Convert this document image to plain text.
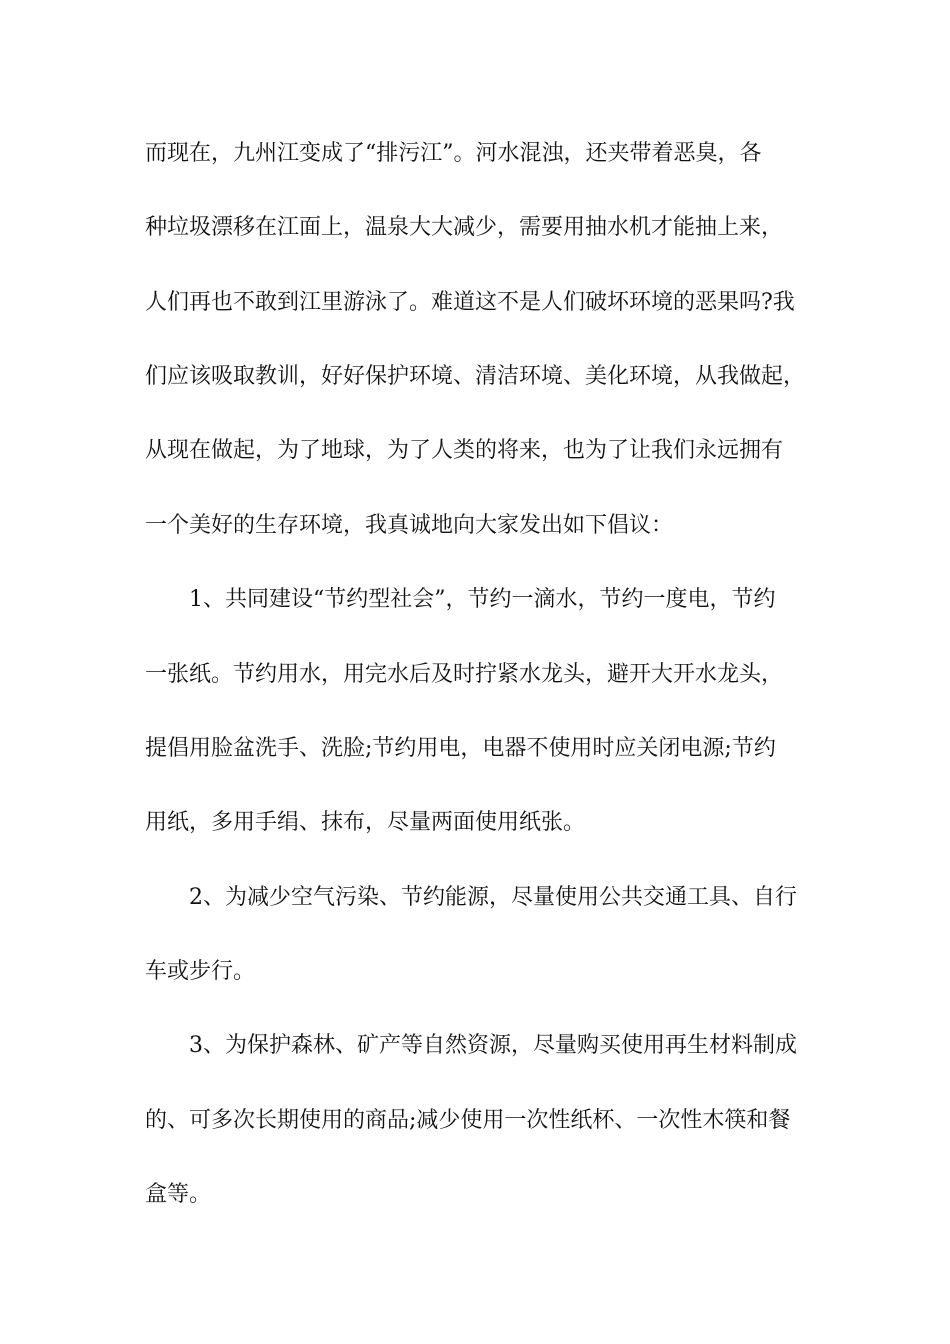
而现在，九州江变成了“排污江”。河水混浊，还夹带着恶臭，各
种垃圾漂移在江面上，温泉大大减少，需要用抽水机才能抽上来，
人们再也不敢到江里游泳了。难道这不是人们破坏环境的恶果吗?我
们应该吸取教训，好好保护环境、清洁环境、美化环境，从我做起，
从现在做起，为了地球，为了人类的将来，也为了让我们永远拥有
一个美好的生存环境，我真诚地向大家发出如下倡议：
1、共同建设“节约型社会”，节约一滴水，节约一度电，节约
一张纸。节约用水，用完水后及时拧紧水龙头，避开大开水龙头，
提倡用脸盆洗手、洗脸;节约用电，电器不使用时应关闭电源;节约
用纸，多用手绢、抹布，尽量两面使用纸张。
2、为减少空气污染、节约能源，尽量使用公共交通工具、自行
车或步行。
3、为保护森林、矿产等自然资源，尽量购买使用再生材料制成
的、可多次长期使用的商品;减少使用一次性纸杯、一次性木筷和餐
盒等。
